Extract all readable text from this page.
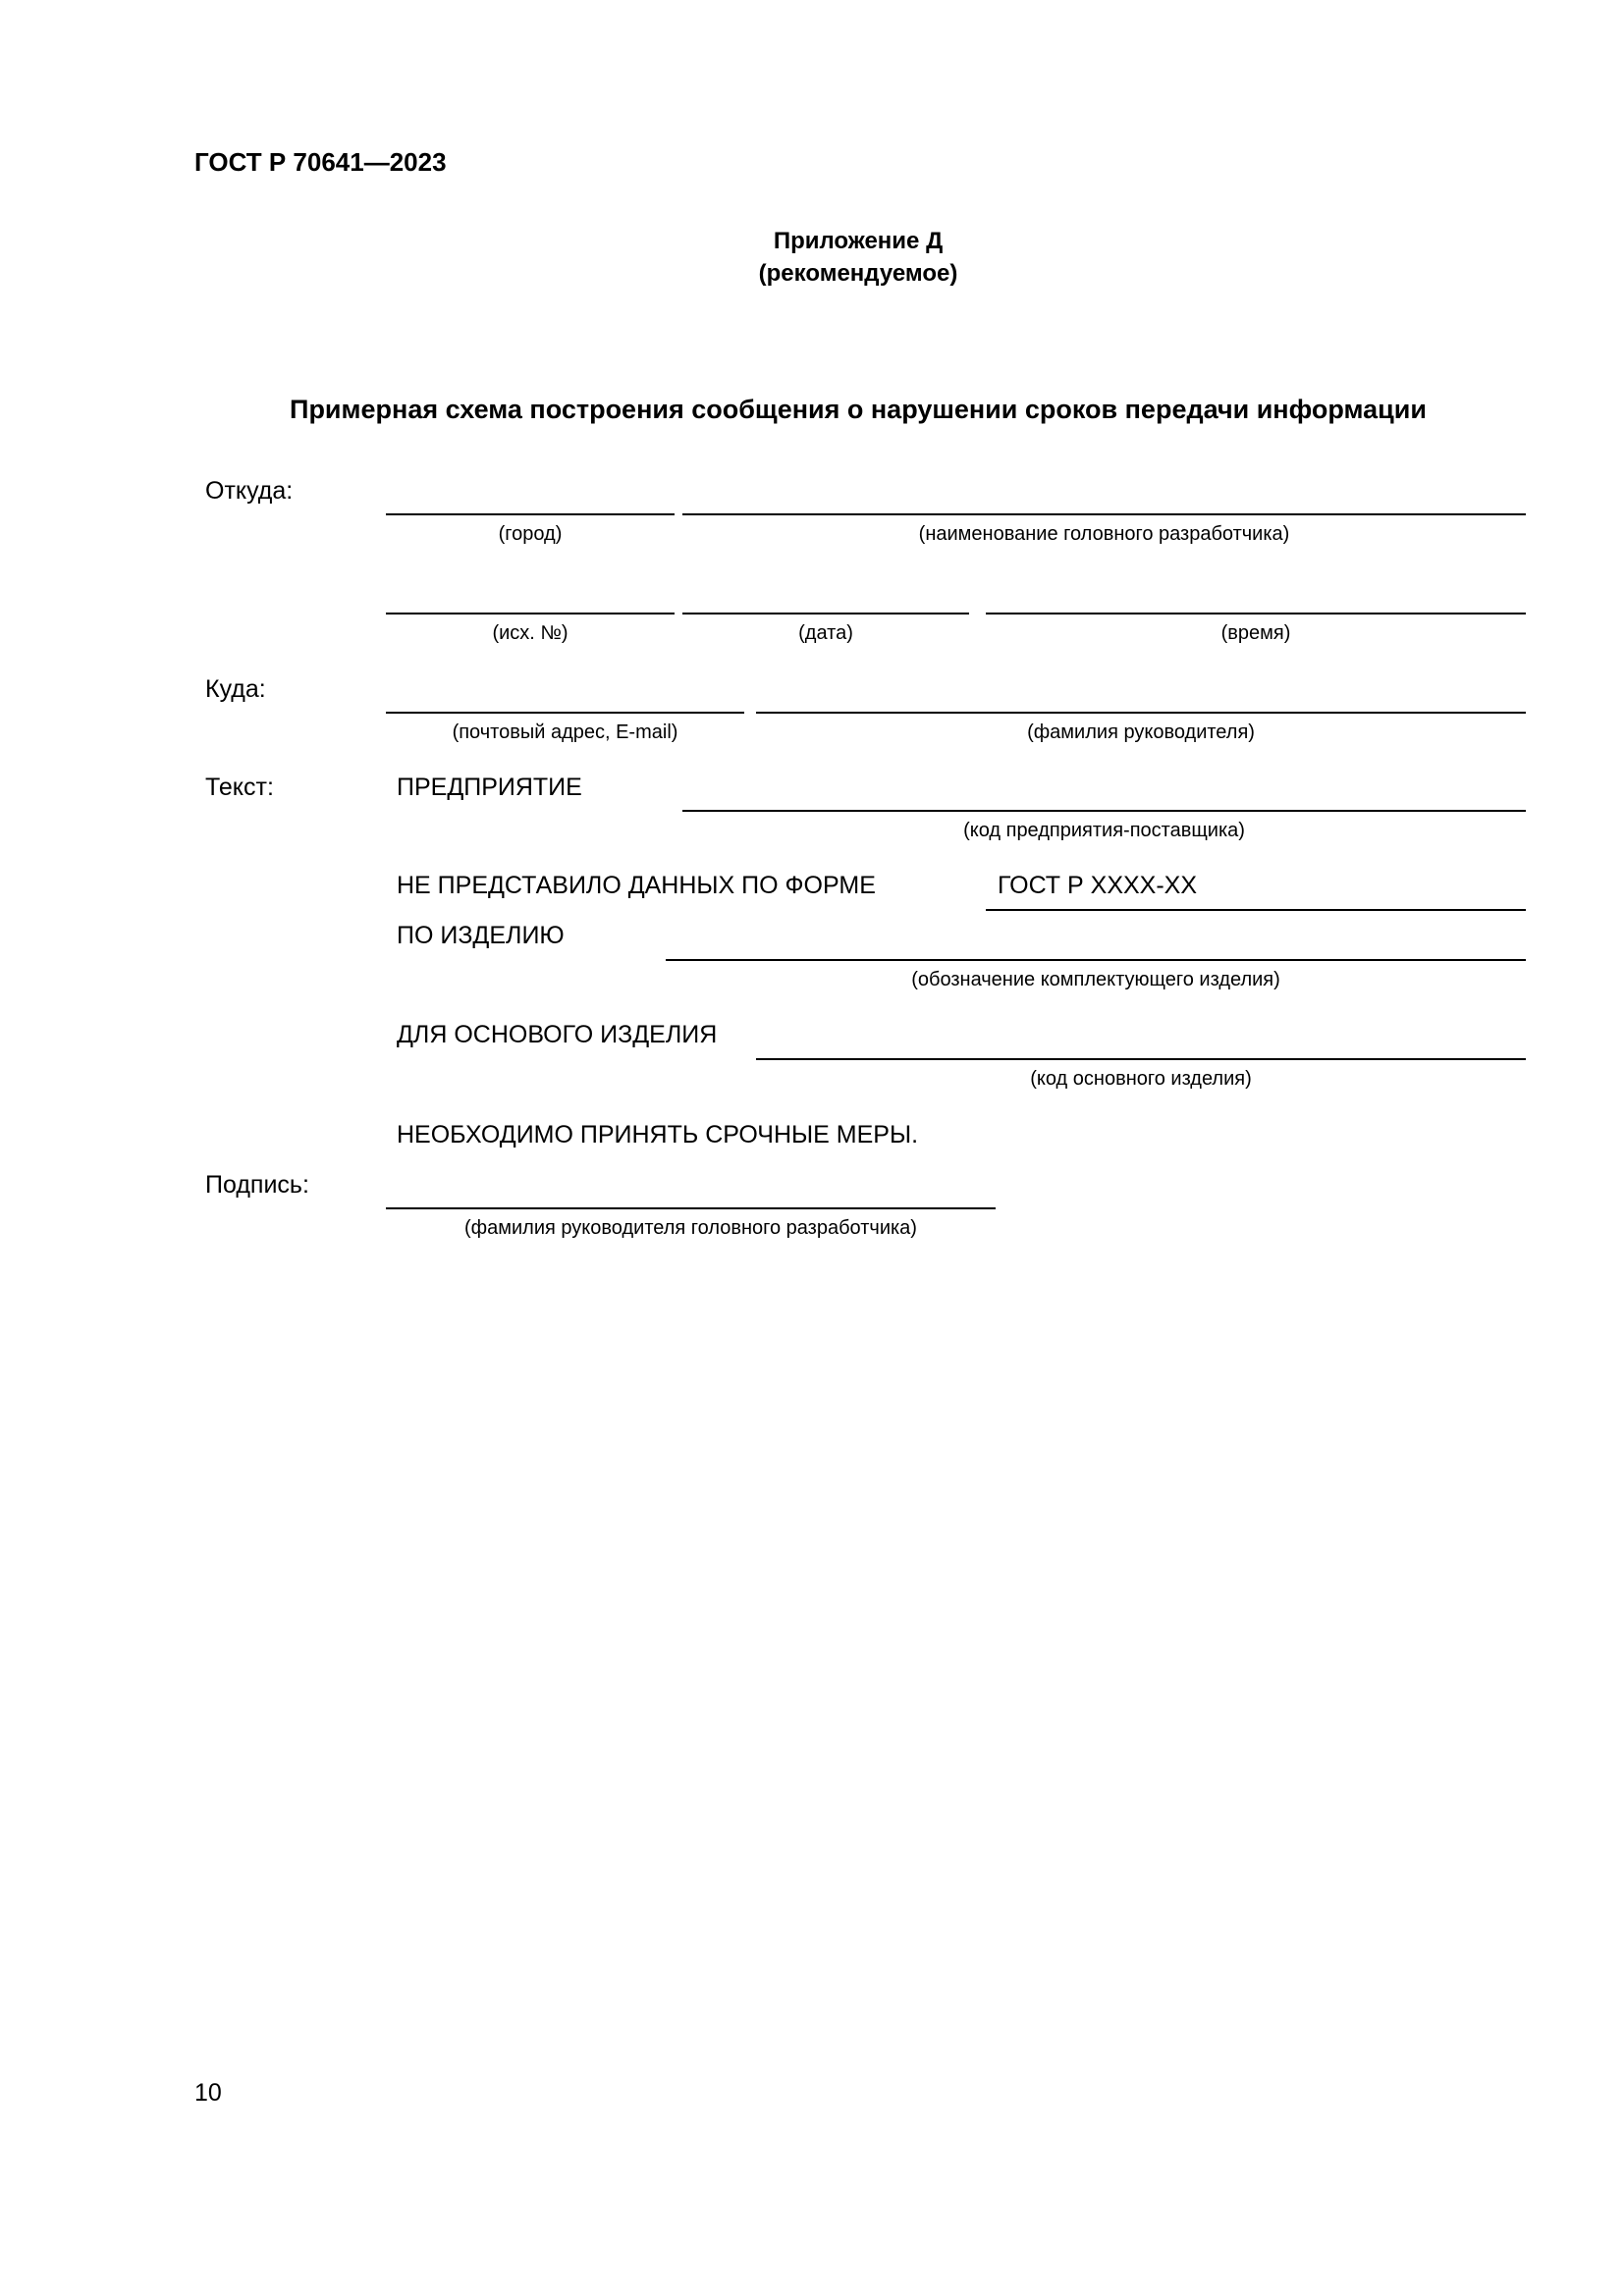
ГОСТ Р 70641—2023
Приложение Д
(рекомендуемое)
Примерная схема построения сообщения о нарушении сроков передачи информации
Откуда:
(город)	(наименование головного разработчика)
(исх. №)	(дата)	(время)
Куда:
(почтовый адрес, E-mail)	(фамилия руководителя)
Текст:	ПРЕДПРИЯТИЕ
(код предприятия-поставщика)
НЕ ПРЕДСТАВИЛО ДАННЫХ ПО ФОРМЕ	ГОСТ Р XXXX-XX
ПО ИЗДЕЛИЮ
(обозначение комплектующего изделия)
ДЛЯ ОСНОВОГО ИЗДЕЛИЯ
(код основного изделия)
НЕОБХОДИМО ПРИНЯТЬ СРОЧНЫЕ МЕРЫ.
Подпись:
(фамилия руководителя головного разработчика)
10
